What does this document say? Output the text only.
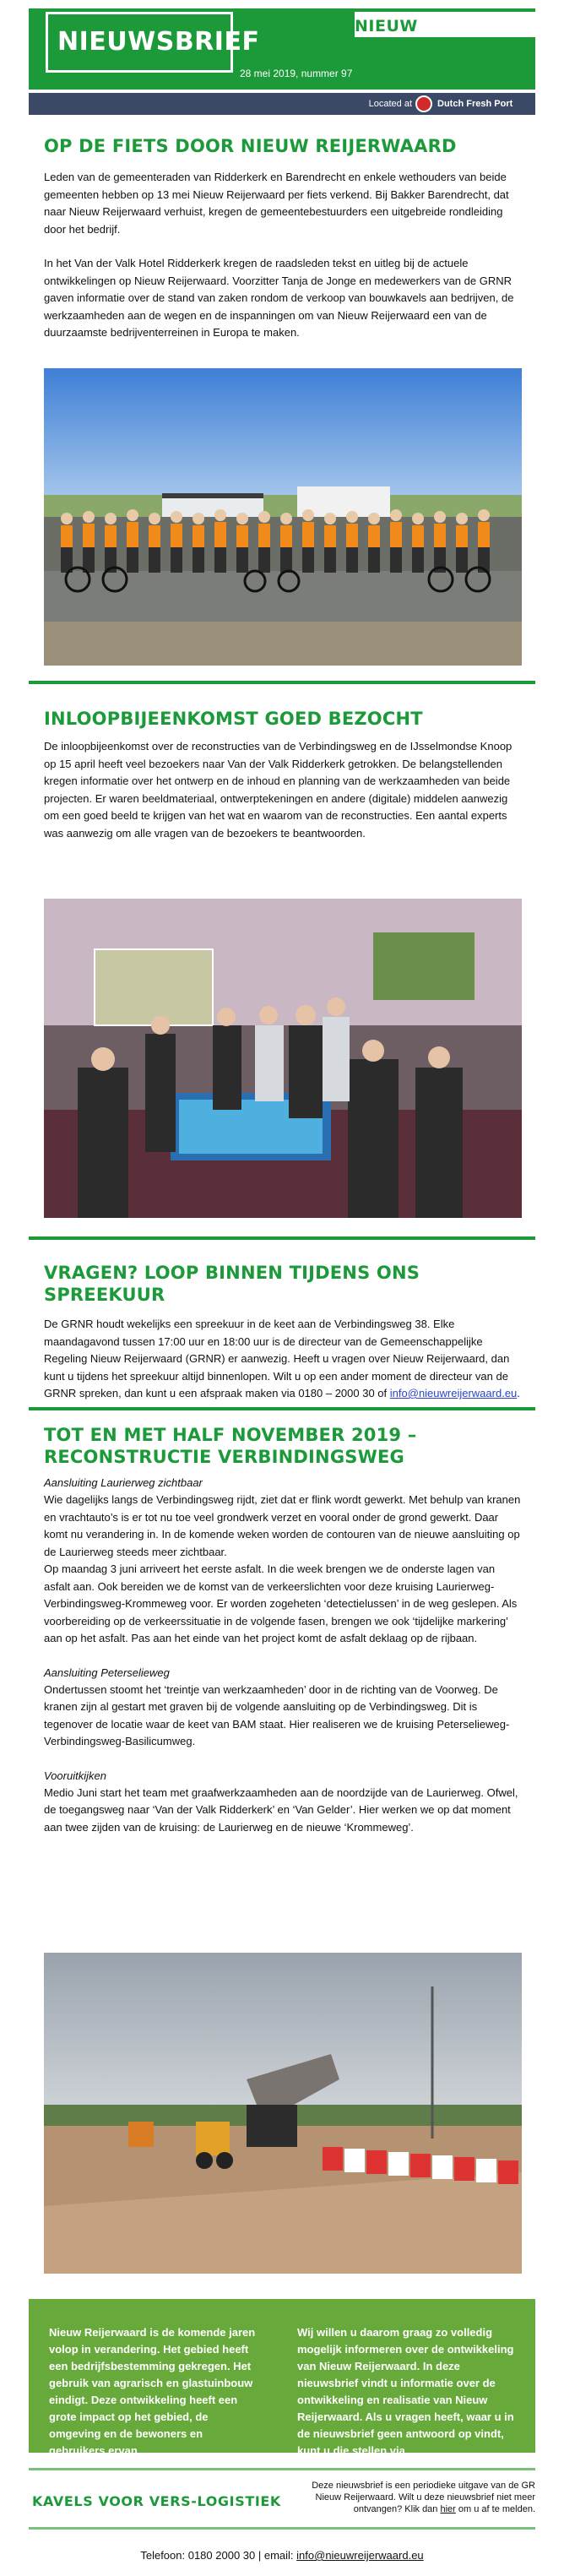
NIEUWSBRIEF
NIEUW REIJERWAARD
28 mei 2019, nummer 97
Located at	Dutch Fresh Port
OP DE FIETS DOOR NIEUW REIJERWAARD

Leden van de gemeenteraden van Ridderkerk en Barendrecht en enkele wethouders van beide gemeenten hebben op 13 mei Nieuw Reijerwaard per fiets verkend. Bij Bakker Barendrecht, dat naar Nieuw Reijerwaard verhuist, kregen de gemeentebestuurders een uitgebreide rondleiding door het bedrijf.

In het Van der Valk Hotel Ridderkerk kregen de raadsleden tekst en uitleg bij de actuele ontwikkelingen op Nieuw Reijerwaard. Voorzitter Tanja de Jonge en medewerkers van de GRNR gaven informatie over de stand van zaken rondom de verkoop van bouwkavels aan bedrijven, de werkzaamheden aan de wegen en de inspanningen om van Nieuw Reijerwaard een van de duurzaamste bedrijventerreinen in Europa te maken.

INLOOPBIJEENKOMST GOED BEZOCHT

De inloopbijeenkomst over de reconstructies van de Verbindingsweg en de IJsselmondse Knoop op 15 april heeft veel bezoekers naar Van der Valk Ridderkerk getrokken. De belangstellenden kregen informatie over het ontwerp en de inhoud en planning van de werkzaamheden van beide projecten. Er waren beeldmateriaal, ontwerptekeningen en andere (digitale) middelen aanwezig om een goed beeld te krijgen van het wat en waarom van de reconstructies. Een aantal experts was aanwezig om alle vragen van de bezoekers te beantwoorden.

VRAGEN? LOOP BINNEN TIJDENS ONS SPREEKUUR

De GRNR houdt wekelijks een spreekuur in de keet aan de Verbindingsweg 38. Elke maandagavond tussen 17:00 uur en 18:00 uur is de directeur van de Gemeenschappelijke Regeling Nieuw Reijerwaard (GRNR) er aanwezig. Heeft u vragen over Nieuw Reijerwaard, dan kunt u tijdens het spreekuur altijd binnenlopen. Wilt u op een ander moment de directeur van de GRNR spreken, dan kunt u een afspraak maken via 0180 – 2000 30 of info@nieuwreijerwaard.eu.

TOT EN MET HALF NOVEMBER 2019 – RECONSTRUCTIE VERBINDINGSWEG
Aansluiting Laurierweg zichtbaar

Wie dagelijks langs de Verbindingsweg rijdt, ziet dat er flink wordt gewerkt. Met behulp van kranen en vrachtauto’s is er tot nu toe veel grondwerk verzet en vooral onder de grond gewerkt. Daar komt nu verandering in. In de komende weken worden de contouren van de nieuwe aansluiting op de Laurierweg steeds meer zichtbaar.

Op maandag 3 juni arriveert het eerste asfalt. In die week brengen we de onderste lagen van asfalt aan. Ook bereiden we de komst van de verkeerslichten voor deze kruising Laurierweg- Verbindingsweg-Krommeweg voor. Er worden zogeheten ‘detectielussen’ in de weg geslepen. Als voorbereiding op de verkeerssituatie in de volgende fasen, brengen we ook ‘tijdelijke markering’ aan op het asfalt. Pas aan het einde van het project komt de asfalt deklaag op de rijbaan.

Aansluiting Peterselieweg

Ondertussen stoomt het ‘treintje van werkzaamheden’ door in de richting van de Voorweg. De kranen zijn al gestart met graven bij de volgende aansluiting op de Verbindingsweg. Dit is tegenover de locatie waar de keet van BAM staat. Hier realiseren we de kruising Peterselieweg-Verbindingsweg-Basilicumweg.

Vooruitkijken

Medio Juni start het team met graafwerkzaamheden aan de noordzijde van de Laurierweg. Ofwel, de toegangsweg naar ‘Van der Valk Ridderkerk’ en ‘Van Gelder’. Hier werken we op dat moment aan twee zijden van de kruising: de Laurierweg en de nieuwe ‘Krommeweg’.

Nieuw Reijerwaard is de komende jaren volop in verandering. Het gebied heeft een bedrijfsbestemming gekregen. Het gebruik van agrarisch en glastuinbouw eindigt. Deze ontwikkeling heeft een grote impact op het gebied, de omgeving en de bewoners en gebruikers ervan.
Wij willen u daarom graag zo volledig mogelijk informeren over de ontwikkeling van Nieuw Reijerwaard. In deze nieuwsbrief vindt u informatie over de ontwikkeling en realisatie van Nieuw Reijerwaard. Als u vragen heeft, waar u in de nieuwsbrief geen antwoord op vindt, kunt u die stellen via
KAVELS VOOR VERS-LOGISTIEK
Deze nieuwsbrief is een periodieke uitgave van de GR Nieuw Reijerwaard. Wilt u deze nieuwsbrief niet meer ontvangen? Klik dan hier om u af te melden.
Telefoon: 0180 2000 30 | email: info@nieuwreijerwaard.eu
